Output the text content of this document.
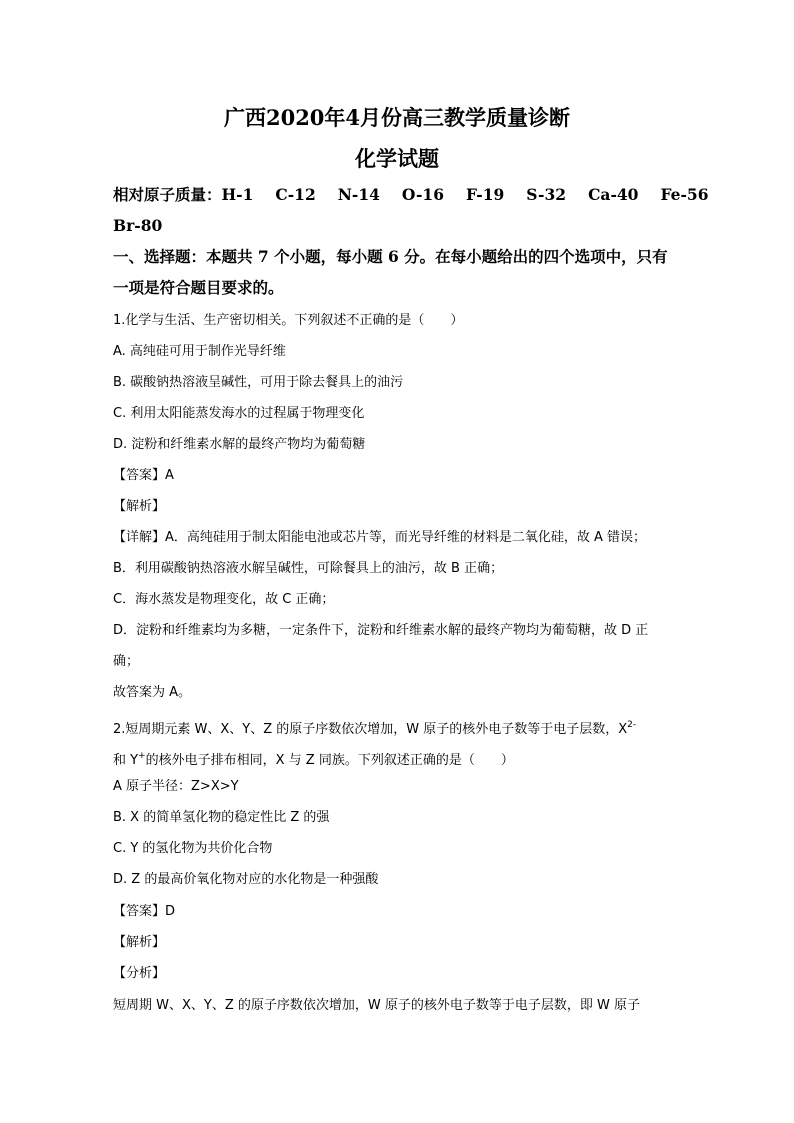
广西2020年4月份高三教学质量诊断
化学试题
相对原子质量：H-1 C-12 N-14 O-16 F-19 S-32 Ca-40 Fe-56
Br-80
一、选择题：本题共 7 个小题，每小题 6 分。在每小题给出的四个选项中，只有
一项是符合题目要求的。
1.化学与生活、生产密切相关。下列叙述不正确的是（　　）
A. 高纯硅可用于制作光导纤维
B. 碳酸钠热溶液呈碱性，可用于除去餐具上的油污
C. 利用太阳能蒸发海水的过程属于物理变化
D. 淀粉和纤维素水解的最终产物均为葡萄糖
【答案】A
【解析】
【详解】A．高纯硅用于制太阳能电池或芯片等，而光导纤维的材料是二氧化硅，故 A 错误；
B．利用碳酸钠热溶液水解呈碱性，可除餐具上的油污，故 B 正确；
C．海水蒸发是物理变化，故 C 正确；
D．淀粉和纤维素均为多糖，一定条件下，淀粉和纤维素水解的最终产物均为葡萄糖，故 D 正
确；
故答案为 A。
2.短周期元素 W、X、Y、Z 的原子序数依次增加，W 原子的核外电子数等于电子层数，$X^{2-}$
和 Y+的核外电子排布相同，X 与 Z 同族。下列叙述正确的是（　　）
A 原子半径：Z>X>Y
B. X 的简单氢化物的稳定性比 Z 的强
C. Y 的氢化物为共价化合物
D. Z 的最高价氧化物对应的水化物是一种强酸
【答案】D
【解析】
【分析】
短周期 W、X、Y、Z 的原子序数依次增加，W 原子的核外电子数等于电子层数，即 W 原子
